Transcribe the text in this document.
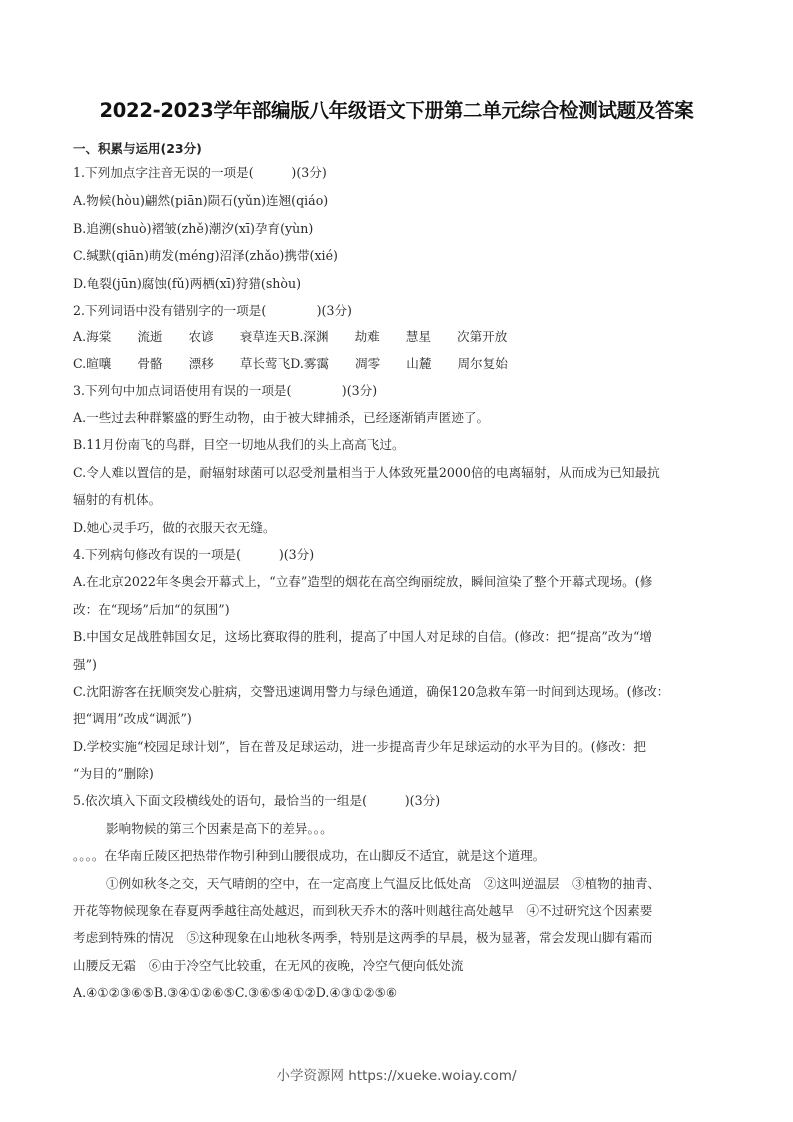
2022-2023学年部编版八年级语文下册第二单元综合检测试题及答案
一、积累与运用(23分)
1.下列加点字注音无误的一项是(　　　)(3分)
A.物候(hòu)翩然(piān)陨石(yǔn)连翘(qiáo)
B.追溯(shuò)褶皱(zhě)潮汐(xī)孕育(yùn)
C.缄默(qiān)萌发(méng)沼泽(zhǎo)携带(xié)
D.龟裂(jūn)腐蚀(fǔ)两栖(xī)狩猎(shòu)
2.下列词语中没有错别字的一项是(　　　　)(3分)
A.海棠 流逝 农谚 衰草连天B.深渊 劫难 慧星 次第开放
C.暄嚷 骨骼 漂移 草长莺飞D.雾霭 凋零 山麓 周尔复始
3.下列句中加点词语使用有误的一项是(　　　　)(3分)
A.一些过去种群繁盛的野生动物，由于被大肆捕杀，已经逐渐销声匿迹了。
B.11月份南飞的鸟群，目空一切地从我们的头上高高飞过。
C.令人难以置信的是，耐辐射球菌可以忍受剂量相当于人体致死量2000倍的电离辐射，从而成为已知最抗
辐射的有机体。
D.她心灵手巧，做的衣服天衣无缝。
4.下列病句修改有误的一项是(　　　)(3分)
A.在北京2022年冬奥会开幕式上，“立春”造型的烟花在高空绚丽绽放，瞬间渲染了整个开幕式现场。(修
改：在“现场”后加“的氛围”)
B.中国女足战胜韩国女足，这场比赛取得的胜利，提高了中国人对足球的自信。(修改：把“提高”改为“增
强”)
C.沈阳游客在抚顺突发心脏病，交警迅速调用警力与绿色通道，确保120急救车第一时间到达现场。(修改：
把“调用”改成“调派”)
D.学校实施“校园足球计划”，旨在普及足球运动，进一步提高青少年足球运动的水平为目的。(修改：把
“为目的”删除)
5.依次填入下面文段横线处的语句，最恰当的一组是(　　　)(3分)
影响物候的第三个因素是高下的差异。。。
。。。。在华南丘陵区把热带作物引种到山腰很成功，在山脚反不适宜，就是这个道理。
①例如秋冬之交，天气晴朗的空中，在一定高度上气温反比低处高　②这叫逆温层　③植物的抽青、
开花等物候现象在春夏两季越往高处越迟，而到秋天乔木的落叶则越往高处越早　④不过研究这个因素要
考虑到特殊的情况　⑤这种现象在山地秋冬两季，特别是这两季的早晨，极为显著，常会发现山脚有霜而
山腰反无霜　⑥由于冷空气比较重，在无风的夜晚，冷空气便向低处流
A.④①②③⑥⑤B.③④①②⑥⑤C.③⑥⑤④①②D.④③①②⑤⑥
小学资源网 https://xueke.woiay.com/
